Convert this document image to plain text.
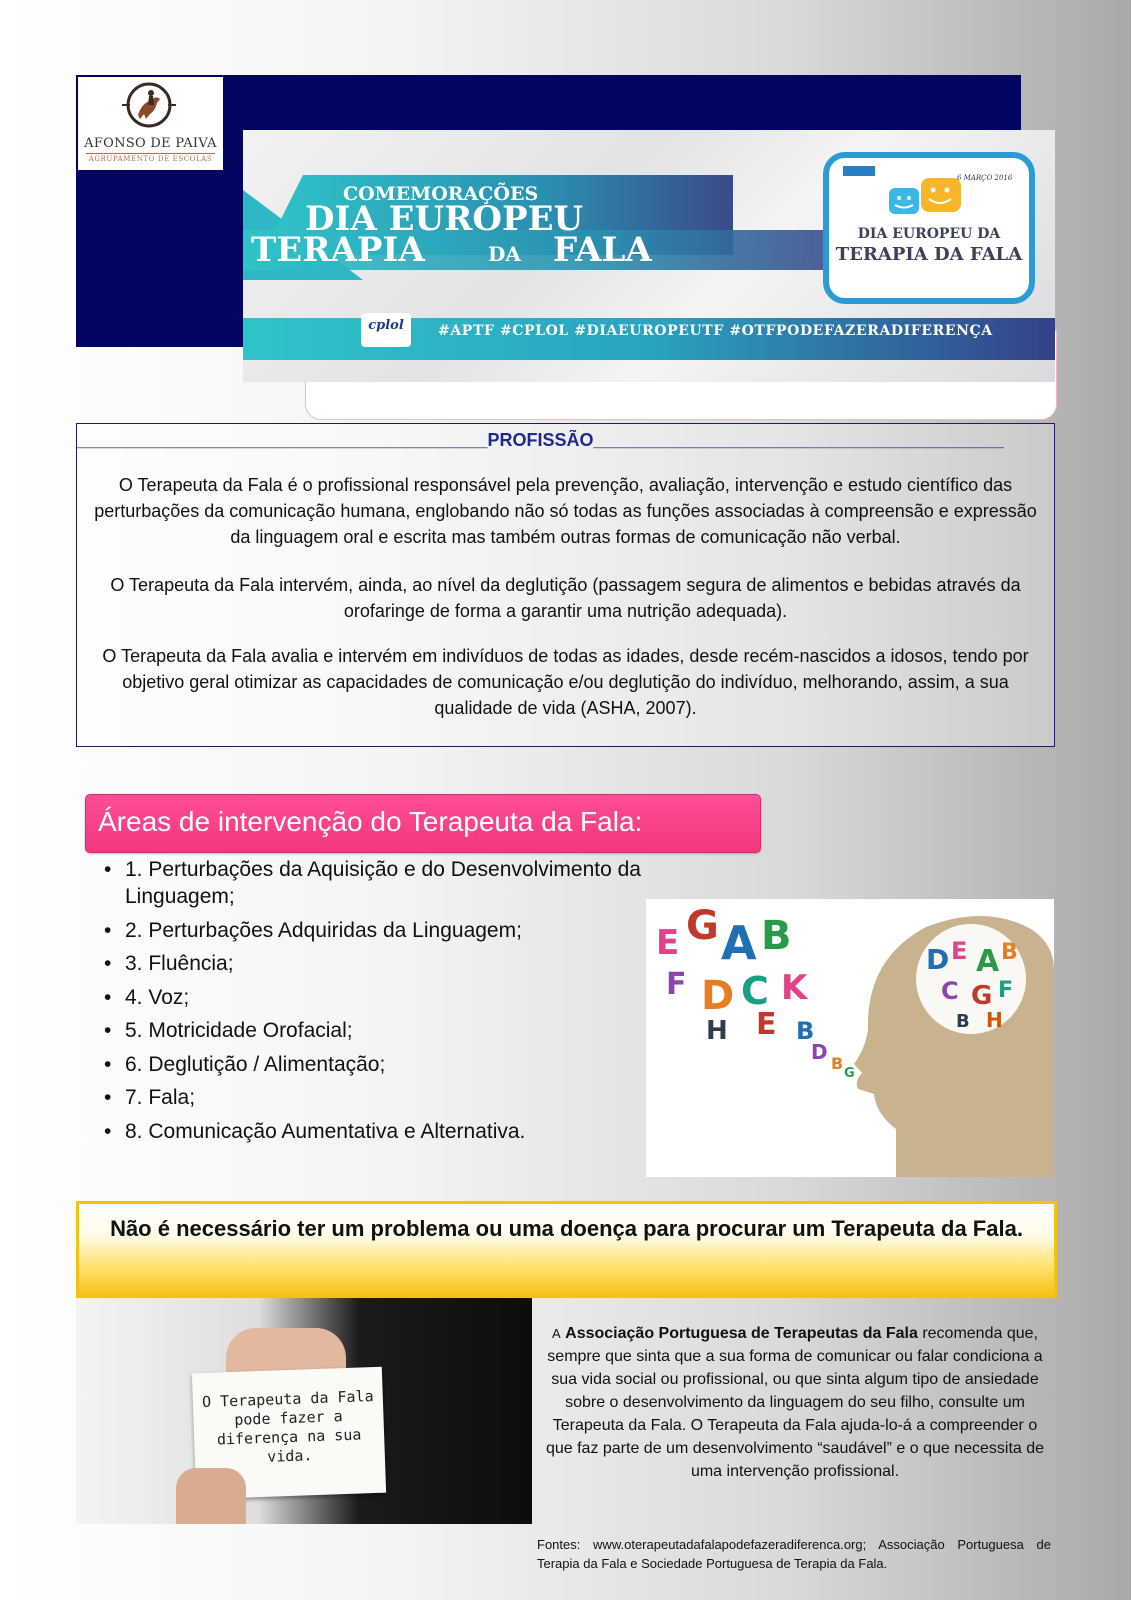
AFONSO DE PAIVA
AGRUPAMENTO DE ESCOLAS
COMEMORAÇÕES
DIA EUROPEU
TERAPIA	DA FALA
cplol	#APTF #CPLOL #DIAEUROPEUTF #OTFPODEFAZERADIFERENÇA
6 MARÇO 2016
DIA EUROPEU DA
TERAPIA DA FALA
_________________________________________PROFISSÃO_________________________________________

O Terapeuta da Fala é o profissional responsável pela prevenção, avaliação, intervenção e estudo científico das perturbações da comunicação humana, englobando não só todas as funções associadas à compreensão e expressão da linguagem oral e escrita mas também outras formas de comunicação não verbal.

O Terapeuta da Fala intervém, ainda, ao nível da deglutição (passagem segura de alimentos e bebidas através da orofaringe de forma a garantir uma nutrição adequada).

O Terapeuta da Fala avalia e intervém em indivíduos de todas as idades, desde recém-nascidos a idosos, tendo por objetivo geral otimizar as capacidades de comunicação e/ou deglutição do indivíduo, melhorando, assim, a sua qualidade de vida (ASHA, 2007).

Áreas de intervenção do Terapeuta da Fala:
• 1. Perturbações da Aquisição e do Desenvolvimento da Linguagem;
• 2. Perturbações Adquiridas da Linguagem;
• 3. Fluência;
• 4. Voz;
• 5. Motricidade Orofacial;
• 6. Deglutição / Alimentação;
• 7. Fala;
• 8. Comunicação Aumentativa e Alternativa.
D E A B
C G F
B H
E G A B
F D C K
H E B
D B
G
Não é necessário ter um problema ou uma doença para procurar um Terapeuta da Fala.
O Terapeuta da Fala pode fazer a diferença na sua vida.
A Associação Portuguesa de Terapeutas da Fala recomenda que, sempre que sinta que a sua forma de comunicar ou falar condiciona a sua vida social ou profissional, ou que sinta algum tipo de ansiedade sobre o desenvolvimento da linguagem do seu filho, consulte um Terapeuta da Fala. O Terapeuta da Fala ajuda-lo-á a compreender o que faz parte de um desenvolvimento “saudável” e o que necessita de uma intervenção profissional.
Fontes: www.oterapeutadafalapodefazeradiferenca.org; Associação Portuguesa de Terapia da Fala e Sociedade Portuguesa de Terapia da Fala.
